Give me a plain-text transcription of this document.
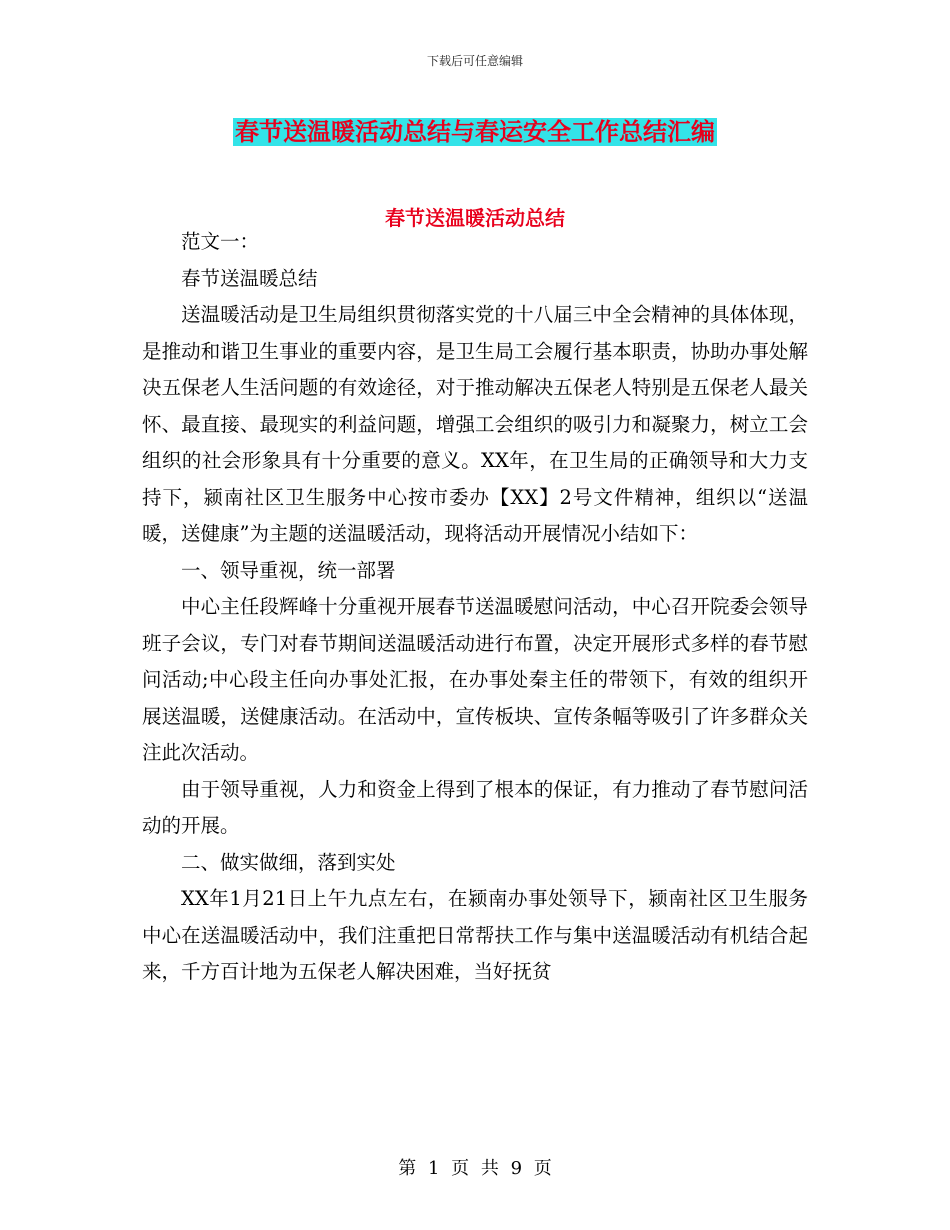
下载后可任意编辑
春节送温暖活动总结与春运安全工作总结汇编
春节送温暖活动总结

范文一：

春节送温暖总结

送温暖活动是卫生局组织贯彻落实党的十八届三中全会精神的具体体现，是推动和谐卫生事业的重要内容，是卫生局工会履行基本职责，协助办事处解决五保老人生活问题的有效途径，对于推动解决五保老人特别是五保老人最关怀、最直接、最现实的利益问题，增强工会组织的吸引力和凝聚力，树立工会组织的社会形象具有十分重要的意义。XX年，在卫生局的正确领导和大力支持下，颍南社区卫生服务中心按市委办【XX】2号文件精神，组织以“送温暖，送健康”为主题的送温暖活动，现将活动开展情况小结如下：

一、领导重视，统一部署

中心主任段辉峰十分重视开展春节送温暖慰问活动，中心召开院委会领导班子会议，专门对春节期间送温暖活动进行布置，决定开展形式多样的春节慰问活动;中心段主任向办事处汇报，在办事处秦主任的带领下，有效的组织开展送温暖，送健康活动。在活动中，宣传板块、宣传条幅等吸引了许多群众关注此次活动。

由于领导重视，人力和资金上得到了根本的保证，有力推动了春节慰问活动的开展。

二、做实做细，落到实处

XX年1月21日上午九点左右，在颍南办事处领导下，颍南社区卫生服务中心在送温暖活动中，我们注重把日常帮扶工作与集中送温暖活动有机结合起来，千方百计地为五保老人解决困难，当好抚贫

第 1 页 共 9 页
